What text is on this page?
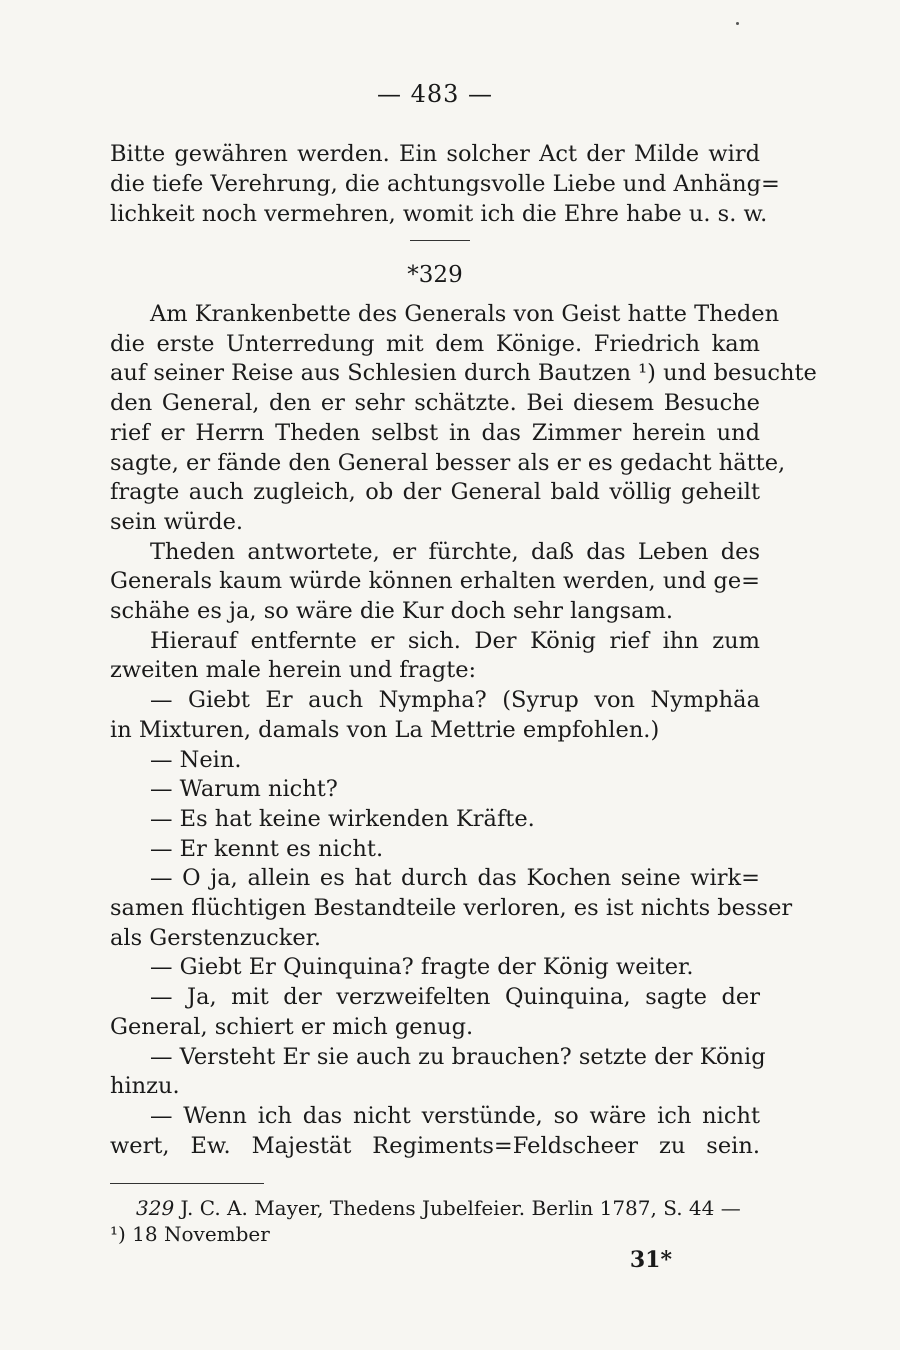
— 483 —
Bitte gewähren werden. Ein solcher Act der Milde wird
die tiefe Verehrung, die achtungsvolle Liebe und Anhäng=
lichkeit noch vermehren, womit ich die Ehre habe u. s. w.
*329
Am Krankenbette des Generals von Geist hatte Theden
die erste Unterredung mit dem Könige. Friedrich kam
auf seiner Reise aus Schlesien durch Bautzen ¹) und besuchte
den General, den er sehr schätzte. Bei diesem Besuche
rief er Herrn Theden selbst in das Zimmer herein und
sagte, er fände den General besser als er es gedacht hätte,
fragte auch zugleich, ob der General bald völlig geheilt
sein würde.
Theden antwortete, er fürchte, daß das Leben des
Generals kaum würde können erhalten werden, und ge=
schähe es ja, so wäre die Kur doch sehr langsam.
Hierauf entfernte er sich. Der König rief ihn zum
zweiten male herein und fragte:
— Giebt Er auch Nympha? (Syrup von Nymphäa
in Mixturen, damals von La Mettrie empfohlen.)
— Nein.
— Warum nicht?
— Es hat keine wirkenden Kräfte.
— Er kennt es nicht.
— O ja, allein es hat durch das Kochen seine wirk=
samen flüchtigen Bestandteile verloren, es ist nichts besser
als Gerstenzucker.
— Giebt Er Quinquina? fragte der König weiter.
— Ja, mit der verzweifelten Quinquina, sagte der
General, schiert er mich genug.
— Versteht Er sie auch zu brauchen? setzte der König
hinzu.
— Wenn ich das nicht verstünde, so wäre ich nicht
wert, Ew. Majestät Regiments=Feldscheer zu sein.
329 J. C. A. Mayer, Thedens Jubelfeier. Berlin 1787, S. 44 —
¹) 18 November
31*
